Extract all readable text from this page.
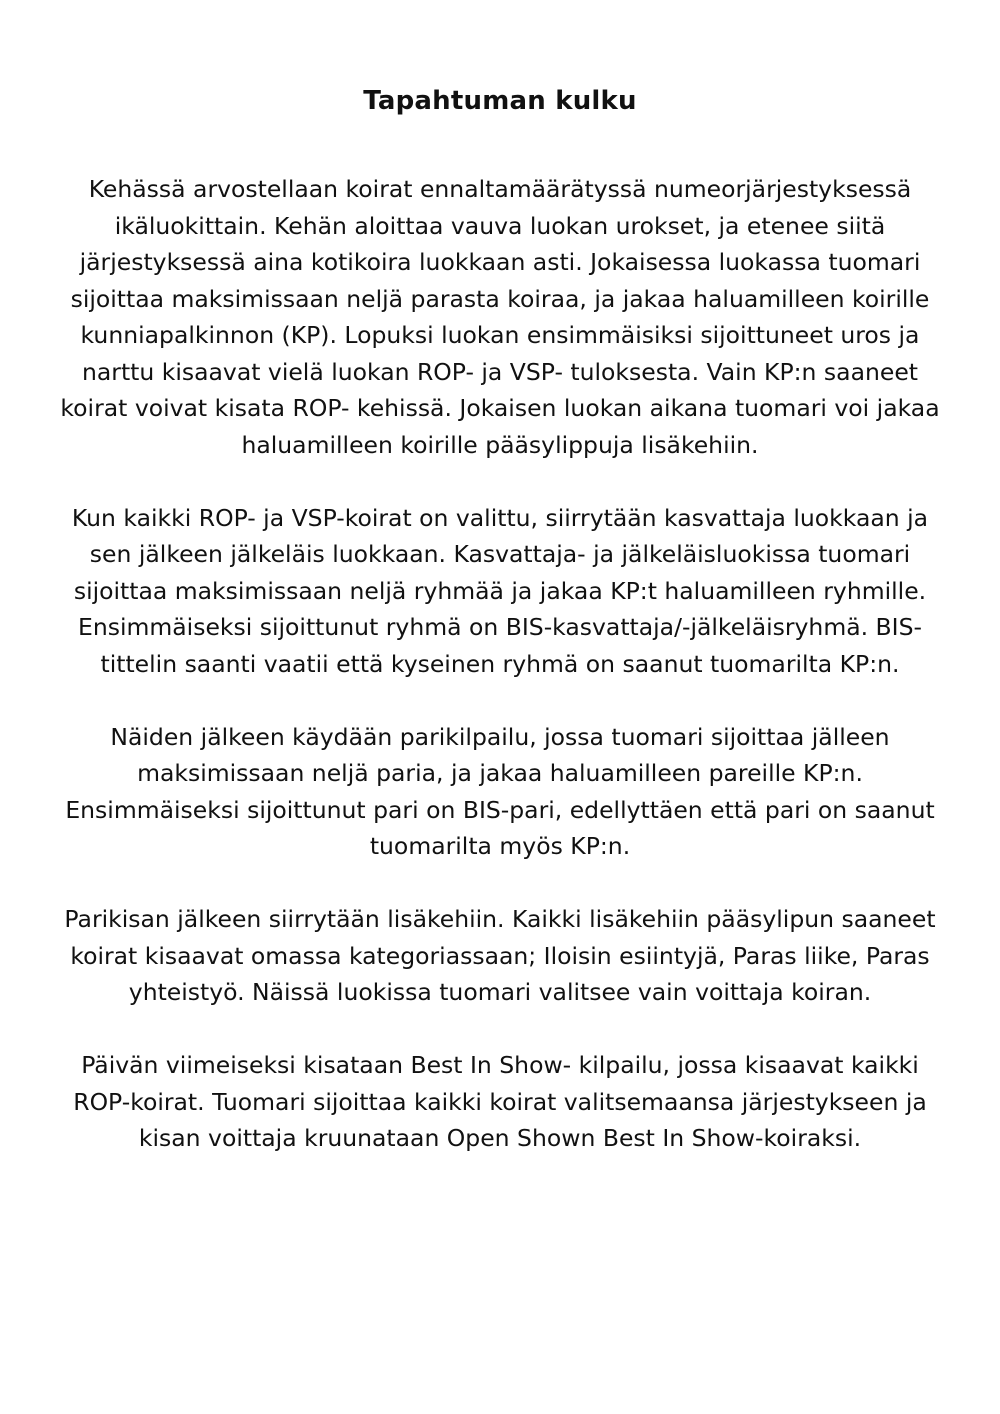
Tapahtuman kulku

Kehässä arvostellaan koirat ennaltamäärätyssä numeorjärjestyksessä ikäluokittain. Kehän aloittaa vauva luokan urokset, ja etenee siitä järjestyksessä aina kotikoira luokkaan asti. Jokaisessa luokassa tuomari sijoittaa maksimissaan neljä parasta koiraa, ja jakaa haluamilleen koirille kunniapalkinnon (KP). Lopuksi luokan ensimmäisiksi sijoittuneet uros ja narttu kisaavat vielä luokan ROP- ja VSP- tuloksesta. Vain KP:n saaneet koirat voivat kisata ROP- kehissä. Jokaisen luokan aikana tuomari voi jakaa haluamilleen koirille pääsylippuja lisäkehiin.

Kun kaikki ROP- ja VSP-koirat on valittu, siirrytään kasvattaja luokkaan ja sen jälkeen jälkeläis luokkaan. Kasvattaja- ja jälkeläisluokissa tuomari sijoittaa maksimissaan neljä ryhmää ja jakaa KP:t haluamilleen ryhmille. Ensimmäiseksi sijoittunut ryhmä on BIS-kasvattaja/-jälkeläisryhmä. BIS- tittelin saanti vaatii että kyseinen ryhmä on saanut tuomarilta KP:n.

Näiden jälkeen käydään parikilpailu, jossa tuomari sijoittaa jälleen maksimissaan neljä paria, ja jakaa haluamilleen pareille KP:n. Ensimmäiseksi sijoittunut pari on BIS-pari, edellyttäen että pari on saanut tuomarilta myös KP:n.

Parikisan jälkeen siirrytään lisäkehiin. Kaikki lisäkehiin pääsylipun saaneet koirat kisaavat omassa kategoriassaan; Iloisin esiintyjä, Paras liike, Paras yhteistyö. Näissä luokissa tuomari valitsee vain voittaja koiran.

Päivän viimeiseksi kisataan Best In Show- kilpailu, jossa kisaavat kaikki ROP-koirat. Tuomari sijoittaa kaikki koirat valitsemaansa järjestykseen ja kisan voittaja kruunataan Open Shown Best In Show-koiraksi.
